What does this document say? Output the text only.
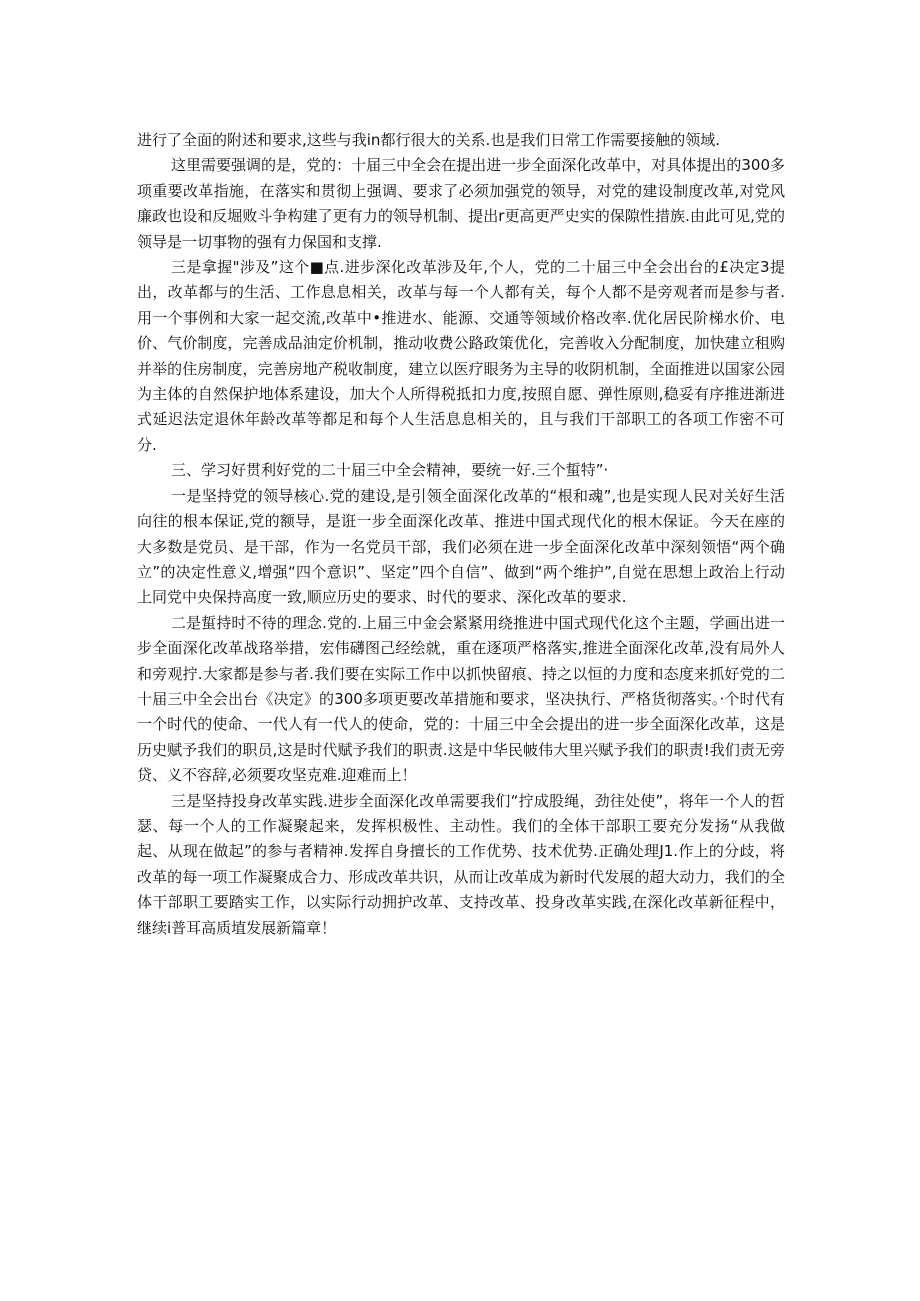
进行了全面的附述和要求,这些与我in都行很大的关系.也是我们日常工作需要接触的领域.

这里需要强调的是，党的：十届三中全会在提出进一步全面深化改革中，对具体提出的300多项重要改革指施，在落实和贯彻上强调、要求了必须加强党的领导，对党的建设制度改革,对党风廉政也设和反堀败斗争构建了更有力的领导机制、提出r更高更严史实的保隙性措族.由此可见,党的领导是一切事物的强有力保国和支撑.

三是拿握"涉及”这个■点.进步深化改革涉及年,个人，党的二十届三中全会出台的£决定3提出，改革都与的生活、工作息息相关，改革与每一个人都有关，每个人都不是旁观者而是参与者.用一个事例和大家一起交流,改革中•推进水、能源、交通等领域价格改率.优化居民阶梯水价、电价、气价制度，完善成品油定价机制，推动收费公路政策优化，完善收入分配制度，加快建立租购并举的住房制度，完善房地产税收制度，建立以医疗眼务为主导的收阴机制，全面推进以国家公园为主体的自然保护地体系建设，加大个人所得税抵扣力度,按照自愿、弹性原则,稳妥有序推进渐进式延迟法定退休年龄改革等都足和每个人生活息息相关的，且与我们干部职工的各项工作密不可分.

三、学习好贯利好党的二十届三中全会精神，要统一好.三个蜇特”·

一是坚持党的领导核心.党的建设,是引领全面深化改革的“根和魂”,也是实现人民对关好生活向往的根本保证,党的额导，是诳一步全面深化改革、推进中国式现代化的根木保证。今天在座的大多数是党员、是干部，作为一名党员干部，我们必须在进一步全面深化改革中深刻领悟“两个确立”的决定性意义,增强“四个意识”、坚定”四个自信”、做到“两个维护”,自觉在思想上政治上行动上同党中央保持高度一致,顺应历史的要求、时代的要求、深化改革的要求.

二是蜇持时不待的理念.党的.上届三中金会紧紧用绕推进中国式现代化这个主题，学画出进一步全面深化改革战珞举措，宏伟礴图己经绘就，重在逐项严格落实,推进全面深化改革,没有局外人和旁观拧.大家都是参与者.我们要在实际工作中以抓怏留痕、持之以恒的力度和态度来抓好党的二十届三中全会出台《决定》的300多项更要改革措施和要求，坚决执行、严格货彻落实。·个时代有一个时代的使命、一代人有一代人的使命，党的：十届三中全会提出的进一步全面深化改革，这是历史赋予我们的职员,这是时代赋予我们的职责.这是中华民帔伟大里兴赋予我们的职责!我们责无旁贷、义不容辞,必须要攻坚克难.迎难而上！

三是坚持投身改革实践.进步全面深化改单需要我们“拧成股绳，劲往处使”，将年一个人的哲瑟、每一个人的工作凝聚起来，发挥枳极性、主动性。我们的全体干部职工要充分发扬“从我做起、从现在做起”的参与者精神.发挥自身擅长的工作优势、技术优势.正确处理J1.作上的分歧，将改革的每一项工作凝聚成合力、形成改革共识，从而让改革成为新时代发展的超大动力，我们的全体干部职工要踏实工作，以实际行动拥护改革、支持改革、投身改革实践,在深化改革新征程中，继续i普耳高质埴发展新篇章！
